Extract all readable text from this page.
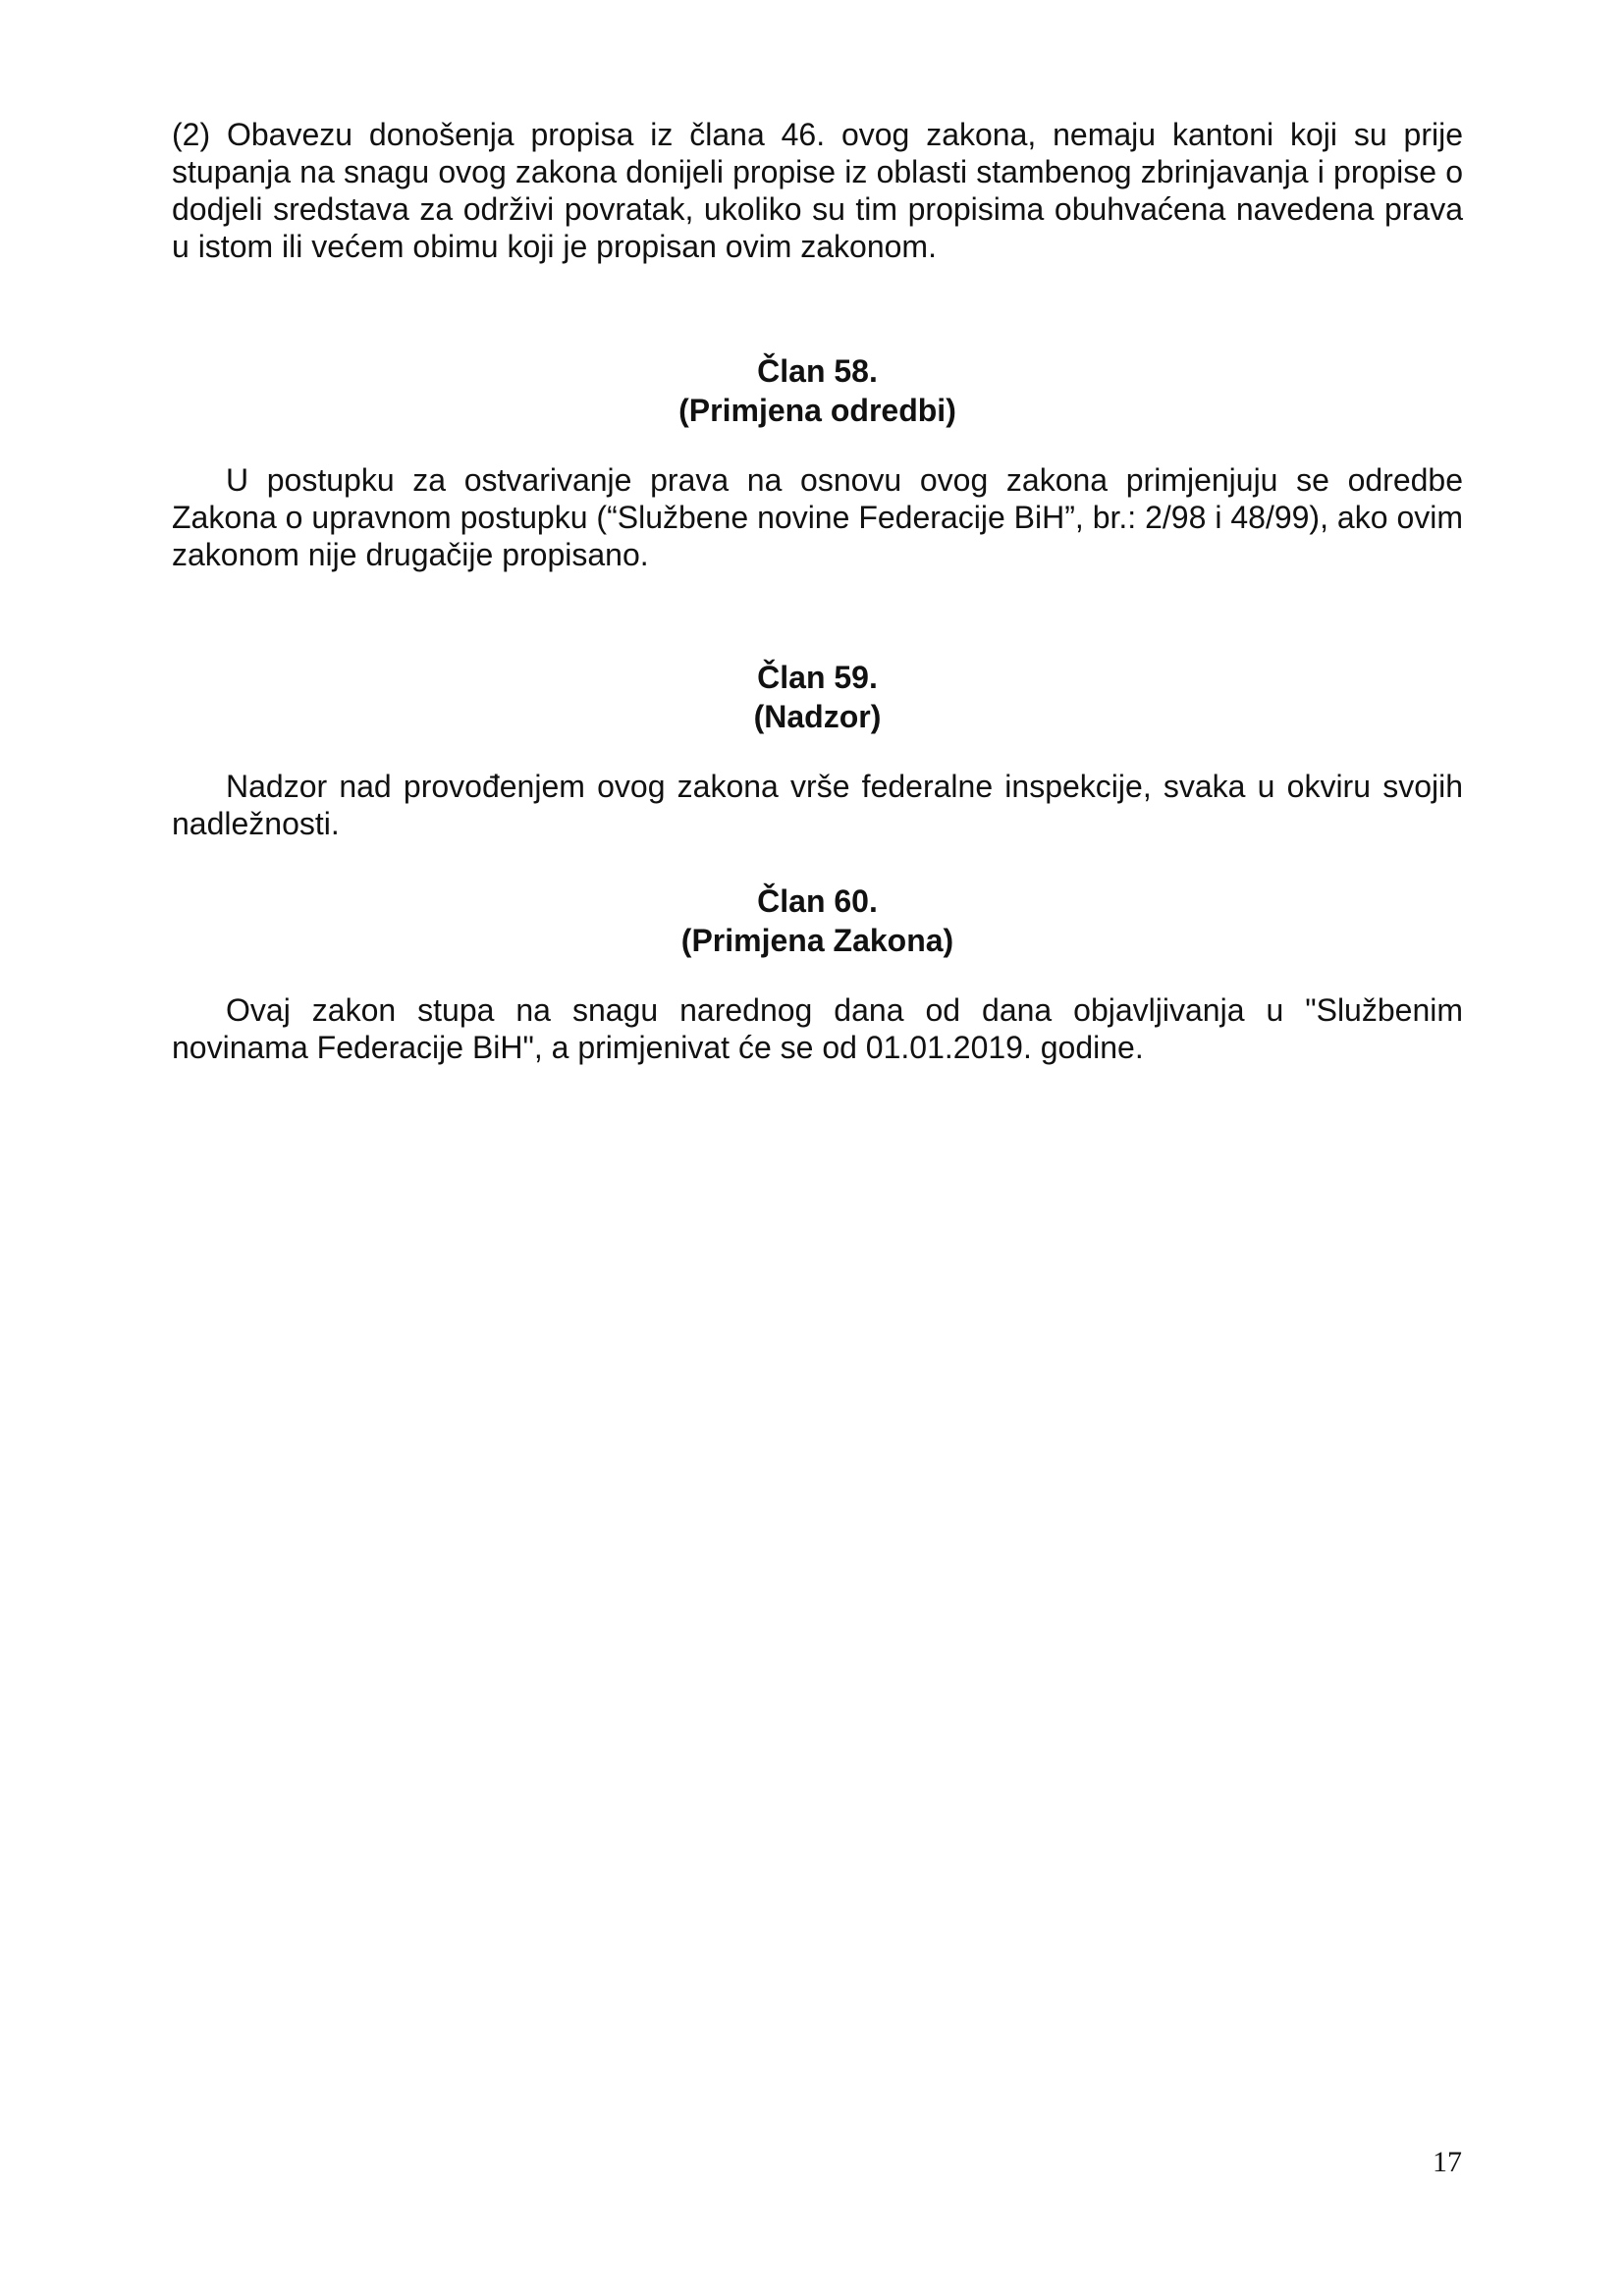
(2) Obavezu donošenja propisa iz člana 46. ovog zakona, nemaju kantoni koji su prije stupanja na snagu ovog zakona donijeli propise iz oblasti stambenog zbrinjavanja i propise o dodjeli sredstava za održivi povratak, ukoliko su tim propisima obuhvaćena navedena prava u istom ili većem obimu koji je propisan ovim zakonom.

Član 58.
(Primjena odredbi)

U postupku za ostvarivanje prava na osnovu ovog zakona primjenjuju se odredbe Zakona o upravnom postupku (“Službene novine Federacije BiH”, br.: 2/98 i 48/99), ako ovim zakonom nije drugačije propisano.

Član 59.
(Nadzor)

Nadzor nad provođenjem ovog zakona vrše federalne inspekcije, svaka u okviru svojih nadležnosti.

Član 60.
(Primjena Zakona)

Ovaj zakon stupa na snagu narednog dana od dana objavljivanja u "Službenim novinama Federacije BiH", a primjenivat će se od 01.01.2019. godine.

17
